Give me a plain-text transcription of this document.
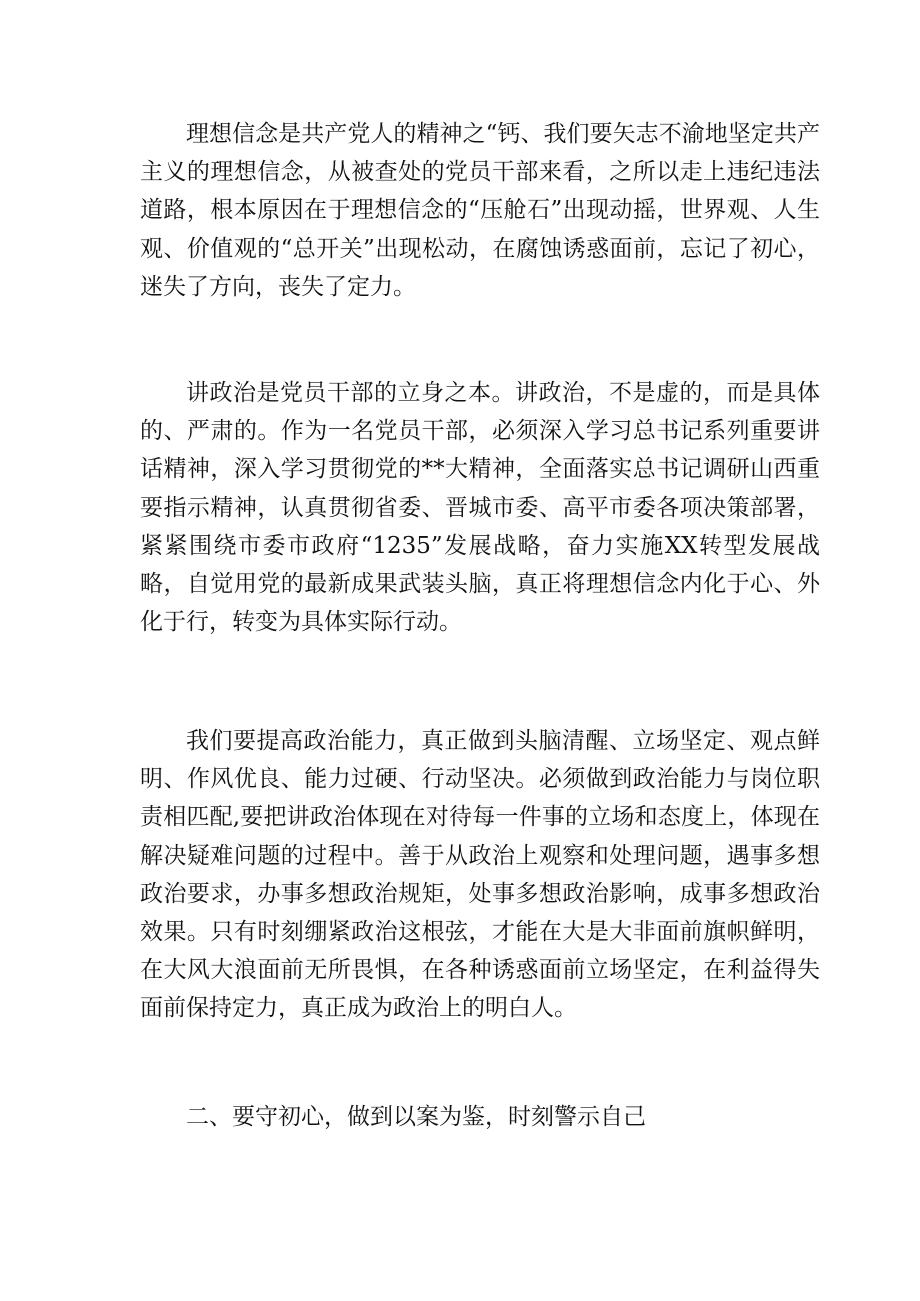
理想信念是共产党人的精神之“钙、我们要矢志不渝地坚定共产主义的理想信念，从被查处的党员干部来看，之所以走上违纪违法道路，根本原因在于理想信念的“压舱石”出现动摇，世界观、人生观、价值观的“总开关”出现松动，在腐蚀诱惑面前，忘记了初心，迷失了方向，丧失了定力。

讲政治是党员干部的立身之本。讲政治，不是虚的，而是具体的、严肃的。作为一名党员干部，必须深入学习总书记系列重要讲话精神，深入学习贯彻党的**大精神，全面落实总书记调研山西重要指示精神，认真贯彻省委、晋城市委、高平市委各项决策部署，紧紧围绕市委市政府“1235”发展战略，奋力实施XX转型发展战略，自觉用党的最新成果武装头脑，真正将理想信念内化于心、外化于行，转变为具体实际行动。

我们要提高政治能力，真正做到头脑清醒、立场坚定、观点鲜明、作风优良、能力过硬、行动坚决。必须做到政治能力与岗位职责相匹配,要把讲政治体现在对待每一件事的立场和态度上，体现在解决疑难问题的过程中。善于从政治上观察和处理问题，遇事多想政治要求，办事多想政治规矩，处事多想政治影响，成事多想政治效果。只有时刻绷紧政治这根弦，才能在大是大非面前旗帜鲜明，在大风大浪面前无所畏惧，在各种诱惑面前立场坚定，在利益得失面前保持定力，真正成为政治上的明白人。

二、要守初心，做到以案为鉴，时刻警示自己
